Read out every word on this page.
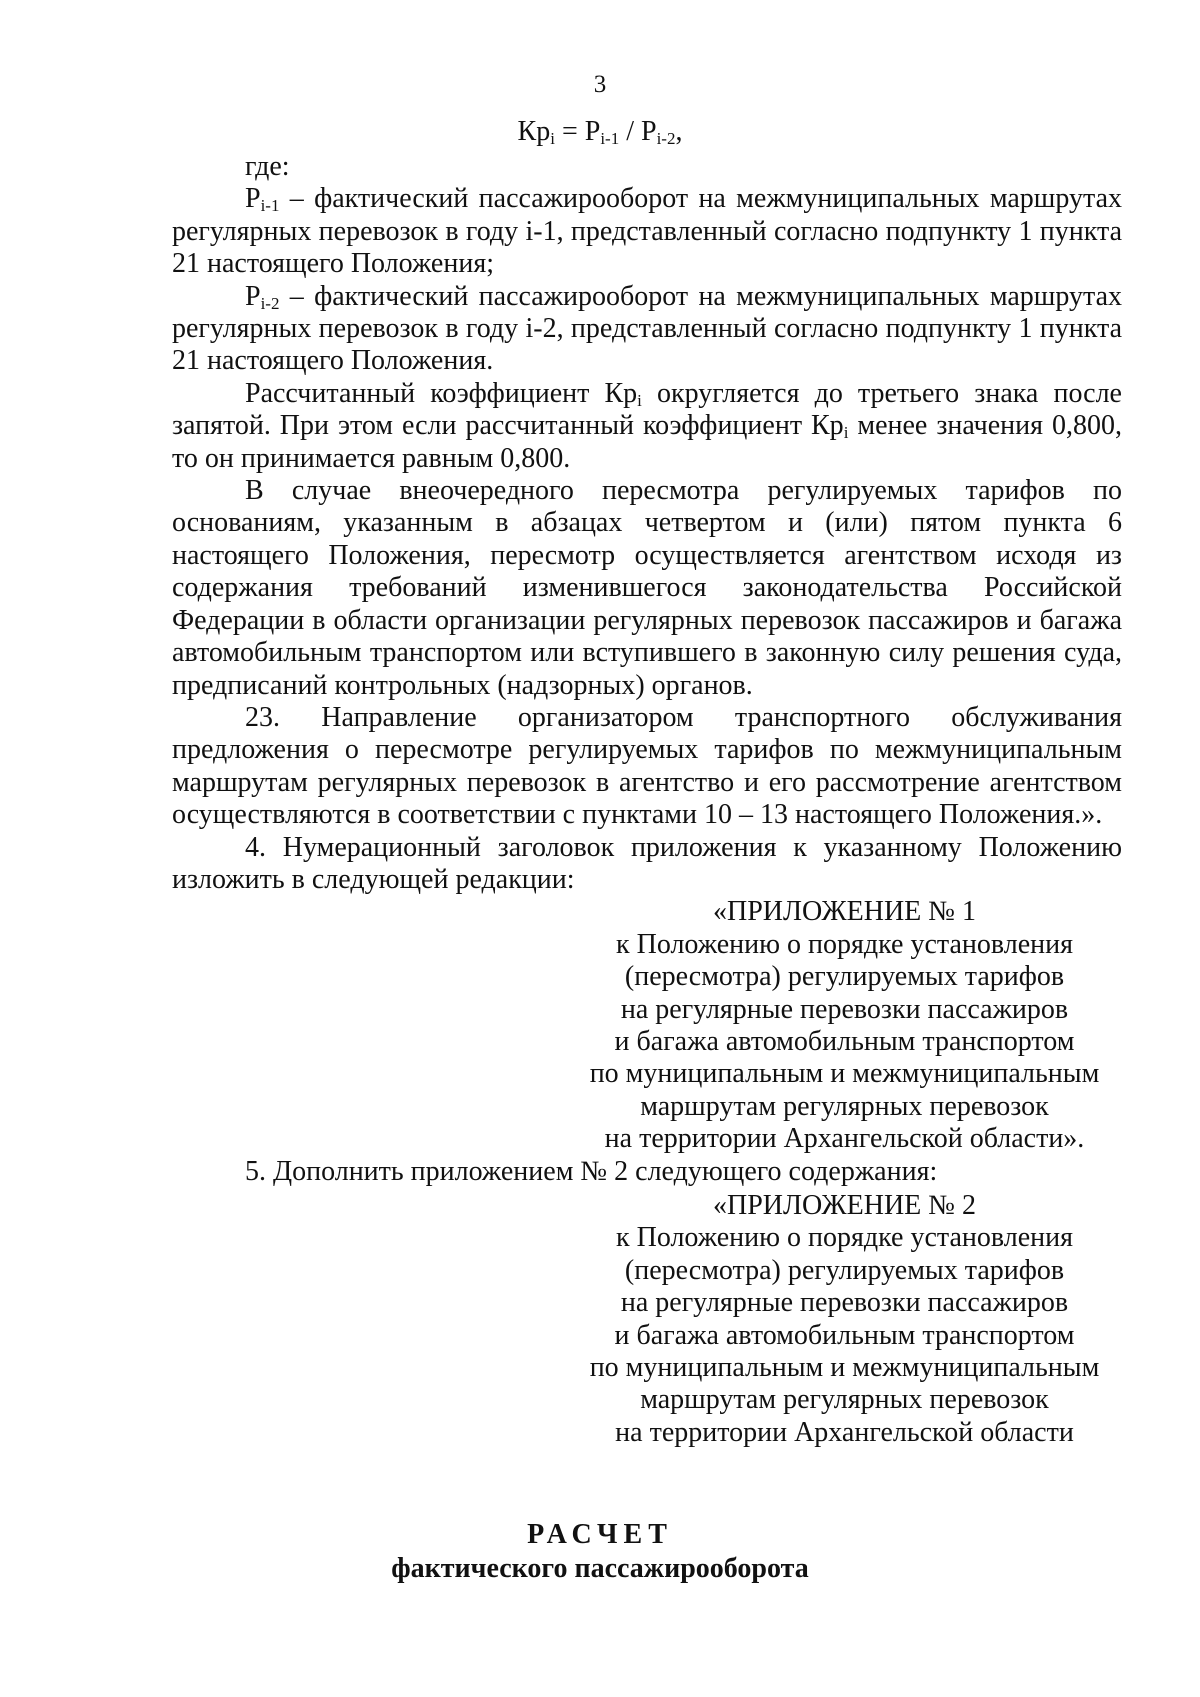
3
$Кр_i = Р_{i-1} / Р_{i-2}$,

где:

$Р_{i-1}$ – фактический пассажирооборот на межмуниципальных маршрутах регулярных перевозок в году i-1, представленный согласно подпункту 1 пункта 21 настоящего Положения;

$Р_{i-2}$ – фактический пассажирооборот на межмуниципальных маршрутах регулярных перевозок в году i-2, представленный согласно подпункту 1 пункта 21 настоящего Положения.

Рассчитанный коэффициент $Кр_i$ округляется до третьего знака после запятой. При этом если рассчитанный коэффициент $Кр_i$ менее значения 0,800, то он принимается равным 0,800.

В случае внеочередного пересмотра регулируемых тарифов по основаниям, указанным в абзацах четвертом и (или) пятом пункта 6 настоящего Положения, пересмотр осуществляется агентством исходя из содержания требований изменившегося законодательства Российской Федерации в области организации регулярных перевозок пассажиров и багажа автомобильным транспортом или вступившего в законную силу решения суда, предписаний контрольных (надзорных) органов.

23. Направление организатором транспортного обслуживания предложения о пересмотре регулируемых тарифов по межмуниципальным маршрутам регулярных перевозок в агентство и его рассмотрение агентством осуществляются в соответствии с пунктами 10 – 13 настоящего Положения.».

4. Нумерационный заголовок приложения к указанному Положению изложить в следующей редакции:

«ПРИЛОЖЕНИЕ № 1
к Положению о порядке установления
(пересмотра) регулируемых тарифов
на регулярные перевозки пассажиров
и багажа автомобильным транспортом
по муниципальным и межмуниципальным
маршрутам регулярных перевозок
на территории Архангельской области».

5. Дополнить приложением № 2 следующего содержания:

«ПРИЛОЖЕНИЕ № 2
к Положению о порядке установления
(пересмотра) регулируемых тарифов
на регулярные перевозки пассажиров
и багажа автомобильным транспортом
по муниципальным и межмуниципальным
маршрутам регулярных перевозок
на территории Архангельской области
РАСЧЕТ
фактического пассажирооборота
